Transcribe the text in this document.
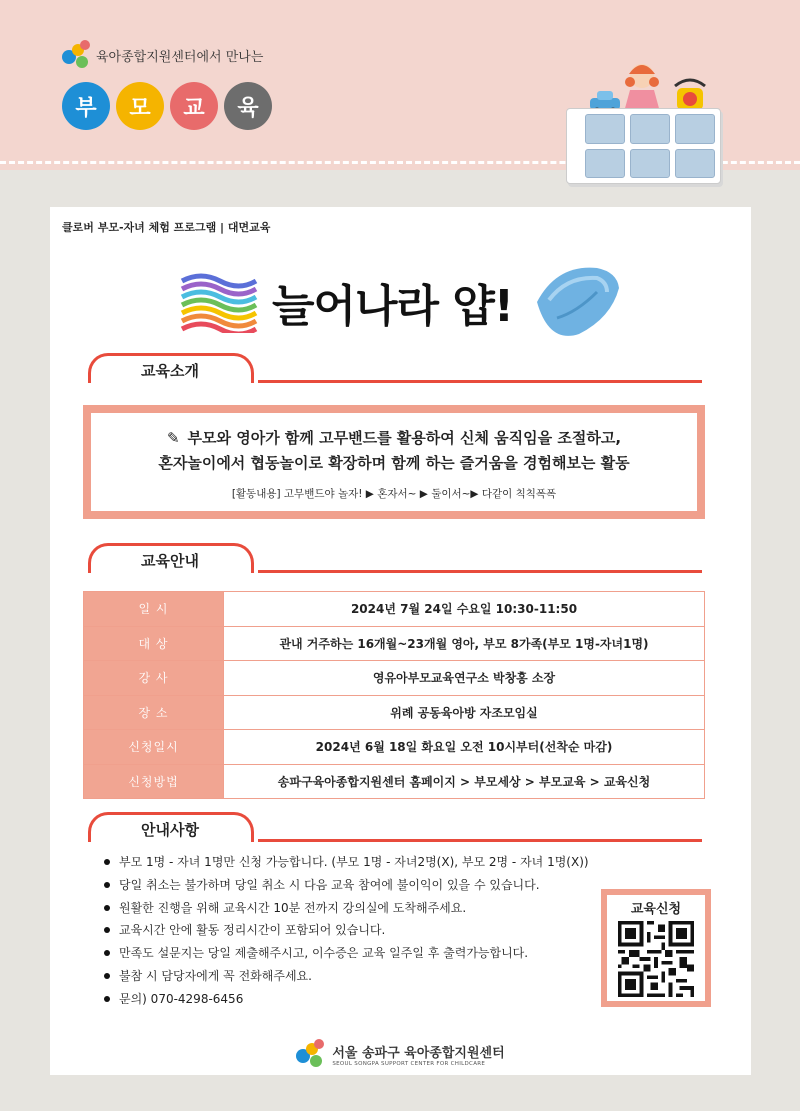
육아종합지원센터에서 만나는
부	모	교	육
클로버 부모-자녀 체험 프로그램 | 대면교육
늘어나라 얍!
교육소개
✎ 부모와 영아가 함께 고무밴드를 활용하여 신체 움직임을 조절하고,
혼자놀이에서 협동놀이로 확장하며 함께 하는 즐거움을 경험해보는 활동
[활동내용] 고무밴드야 놀자! ▶ 혼자서~ ▶ 둘이서~▶ 다같이 칙칙폭폭
교육안내
일 시	2024년 7월 24일 수요일 10:30-11:50
대 상	관내 거주하는 16개월~23개월 영아, 부모 8가족(부모 1명-자녀1명)
강 사	영유아부모교육연구소 박창홍 소장
장 소	위례 공동육아방 자조모임실
신청일시	2024년 6월 18일 화요일 오전 10시부터(선착순 마감)
신청방법	송파구육아종합지원센터 홈페이지 > 부모세상 > 부모교육 > 교육신청
안내사항
부모 1명 - 자녀 1명만 신청 가능합니다. (부모 1명 - 자녀2명(X), 부모 2명 - 자녀 1명(X))
당일 취소는 불가하며 당일 취소 시 다음 교육 참여에 불이익이 있을 수 있습니다.
원활한 진행을 위해 교육시간 10분 전까지 강의실에 도착해주세요.
교육시간 안에 활동 정리시간이 포함되어 있습니다.
만족도 설문지는 당일 제출해주시고, 이수증은 교육 일주일 후 출력가능합니다.
불참 시 담당자에게 꼭 전화해주세요.
문의) 070-4298-6456
교육신청
서울 송파구 육아종합지원센터
SEOUL SONGPA SUPPORT CENTER FOR CHILDCARE
